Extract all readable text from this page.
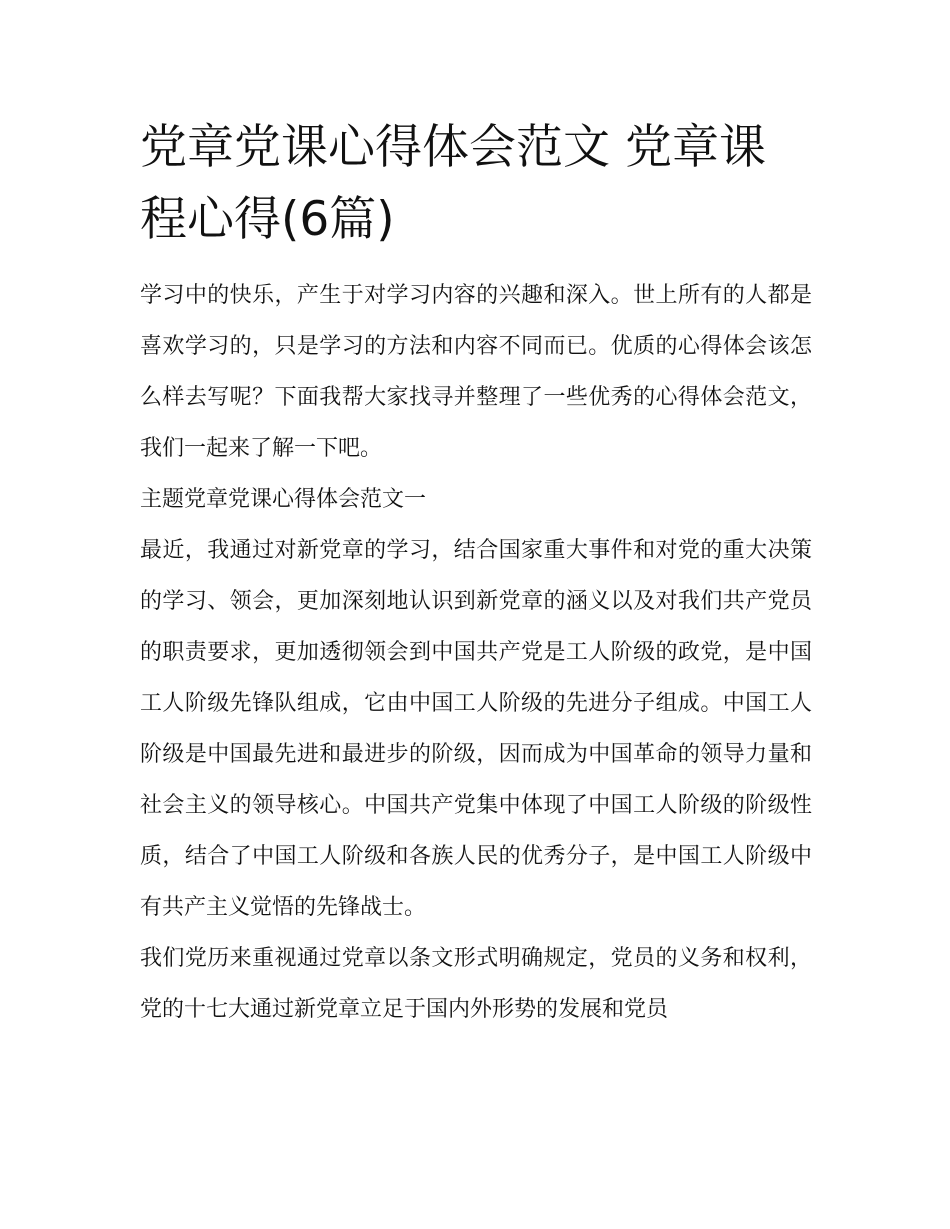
党章党课心得体会范文 党章课程心得(6篇)

学习中的快乐，产生于对学习内容的兴趣和深入。世上所有的人都是喜欢学习的，只是学习的方法和内容不同而已。优质的心得体会该怎么样去写呢？下面我帮大家找寻并整理了一些优秀的心得体会范文，我们一起来了解一下吧。

主题党章党课心得体会范文一

最近，我通过对新党章的学习，结合国家重大事件和对党的重大决策的学习、领会，更加深刻地认识到新党章的涵义以及对我们共产党员的职责要求，更加透彻领会到中国共产党是工人阶级的政党，是中国工人阶级先锋队组成，它由中国工人阶级的先进分子组成。中国工人阶级是中国最先进和最进步的阶级，因而成为中国革命的领导力量和社会主义的领导核心。中国共产党集中体现了中国工人阶级的阶级性质，结合了中国工人阶级和各族人民的优秀分子，是中国工人阶级中有共产主义觉悟的先锋战士。

我们党历来重视通过党章以条文形式明确规定，党员的义务和权利，党的十七大通过新党章立足于国内外形势的发展和党员
